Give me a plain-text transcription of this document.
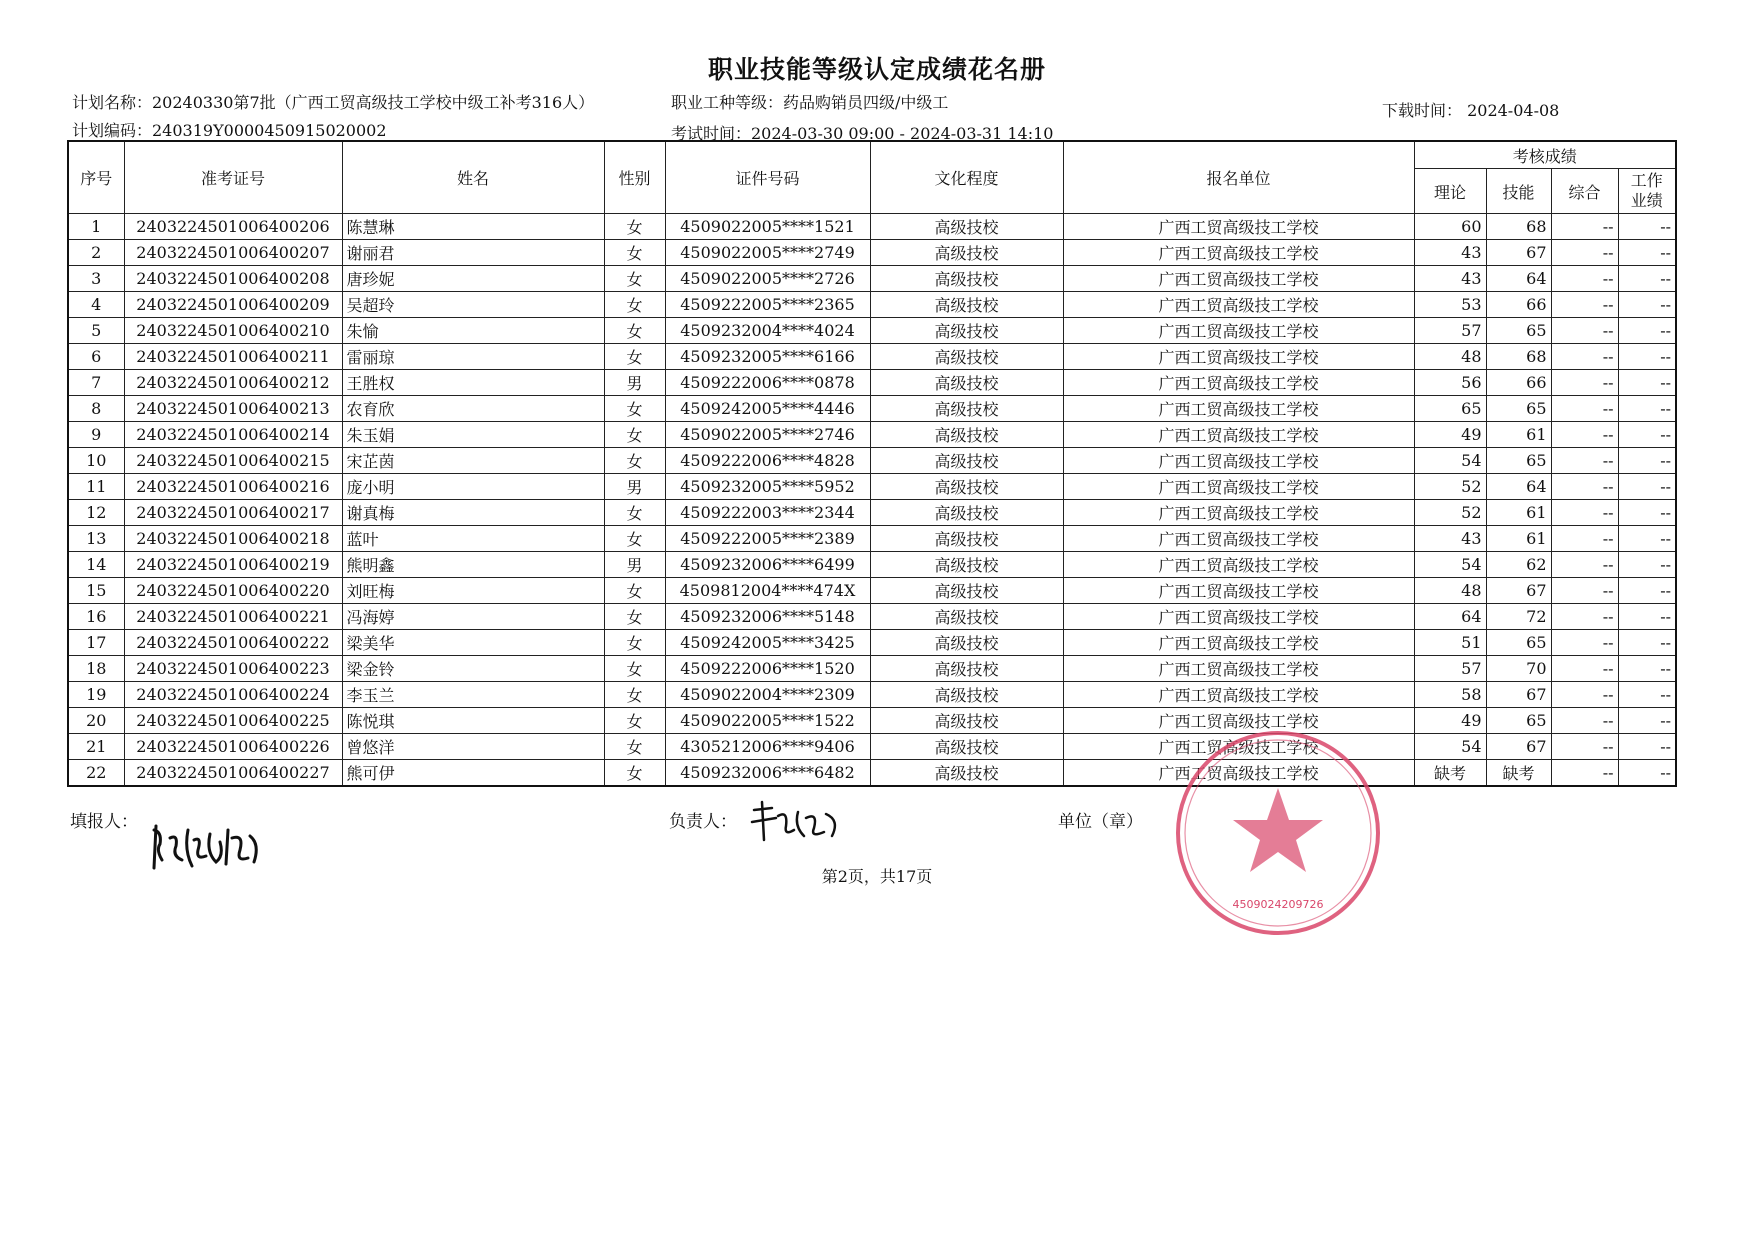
职业技能等级认定成绩花名册
计划名称：20240330第7批（广西工贸高级技工学校中级工补考316人）	职业工种等级：药品购销员四级/中级工	下载时间： 2024-04-08
计划编码：240319Y0000450915020002	考试时间：2024-03-30 09:00 - 2024-03-31 14:10
序号	准考证号	姓名	性别	证件号码	文化程度	报名单位	考核成绩			
							理论	技能	综合	工作业绩
1	2403224501006400206	陈慧琳	女	4509022005****1521	高级技校	广西工贸高级技工学校	60	68	--	--
2	2403224501006400207	谢丽君	女	4509022005****2749	高级技校	广西工贸高级技工学校	43	67	--	--
3	2403224501006400208	唐珍妮	女	4509022005****2726	高级技校	广西工贸高级技工学校	43	64	--	--
4	2403224501006400209	吴超玲	女	4509222005****2365	高级技校	广西工贸高级技工学校	53	66	--	--
5	2403224501006400210	朱愉	女	4509232004****4024	高级技校	广西工贸高级技工学校	57	65	--	--
6	2403224501006400211	雷丽琼	女	4509232005****6166	高级技校	广西工贸高级技工学校	48	68	--	--
7	2403224501006400212	王胜权	男	4509222006****0878	高级技校	广西工贸高级技工学校	56	66	--	--
8	2403224501006400213	农育欣	女	4509242005****4446	高级技校	广西工贸高级技工学校	65	65	--	--
9	2403224501006400214	朱玉娟	女	4509022005****2746	高级技校	广西工贸高级技工学校	49	61	--	--
10	2403224501006400215	宋芷茵	女	4509222006****4828	高级技校	广西工贸高级技工学校	54	65	--	--
11	2403224501006400216	庞小明	男	4509232005****5952	高级技校	广西工贸高级技工学校	52	64	--	--
12	2403224501006400217	谢真梅	女	4509222003****2344	高级技校	广西工贸高级技工学校	52	61	--	--
13	2403224501006400218	蓝叶	女	4509222005****2389	高级技校	广西工贸高级技工学校	43	61	--	--
14	2403224501006400219	熊明鑫	男	4509232006****6499	高级技校	广西工贸高级技工学校	54	62	--	--
15	2403224501006400220	刘旺梅	女	4509812004****474X	高级技校	广西工贸高级技工学校	48	67	--	--
16	2403224501006400221	冯海婷	女	4509232006****5148	高级技校	广西工贸高级技工学校	64	72	--	--
17	2403224501006400222	梁美华	女	4509242005****3425	高级技校	广西工贸高级技工学校	51	65	--	--
18	2403224501006400223	梁金铃	女	4509222006****1520	高级技校	广西工贸高级技工学校	57	70	--	--
19	2403224501006400224	李玉兰	女	4509022004****2309	高级技校	广西工贸高级技工学校	58	67	--	--
20	2403224501006400225	陈悦琪	女	4509022005****1522	高级技校	广西工贸高级技工学校	49	65	--	--
21	2403224501006400226	曾悠洋	女	4305212006****9406	高级技校	广西工贸高级技工学校	54	67	--	--
22	2403224501006400227	熊可伊	女	4509232006****6482	高级技校	广西工贸高级技工学校	缺考	缺考	--	--
填报人：	负责人：	单位（章）
第2页，共17页
4509024209726
